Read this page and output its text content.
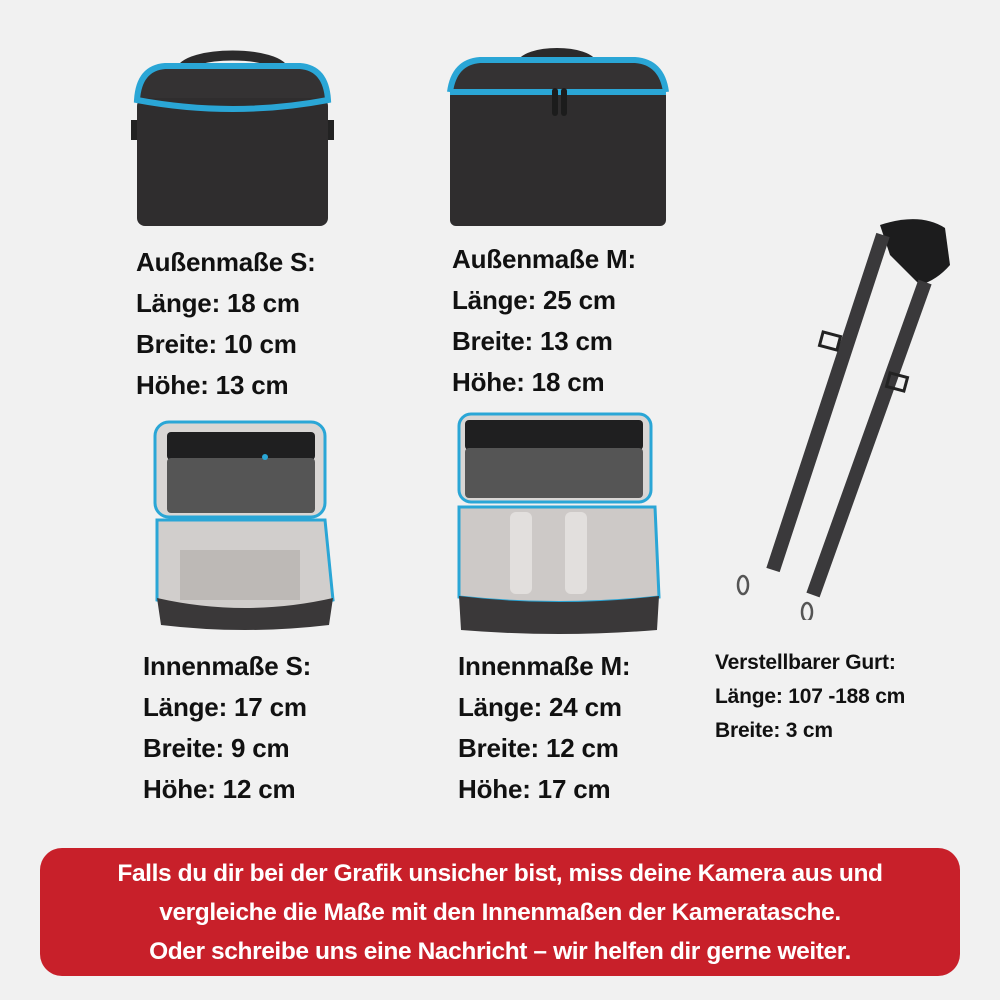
Außenmaße S:
Länge: 18 cm
Breite: 10 cm
Höhe: 13 cm
Außenmaße M:
Länge: 25 cm
Breite: 13 cm
Höhe: 18 cm
Innenmaße S:
Länge: 17 cm
Breite: 9 cm
Höhe: 12 cm
Innenmaße M:
Länge: 24 cm
Breite: 12 cm
Höhe: 17 cm
Verstellbarer Gurt:
Länge: 107 -188 cm
Breite: 3 cm
Falls du dir bei der Grafik unsicher bist, miss deine Kamera aus und
vergleiche die Maße mit den Innenmaßen der Kameratasche.
Oder schreibe uns eine Nachricht – wir helfen dir gerne weiter.
